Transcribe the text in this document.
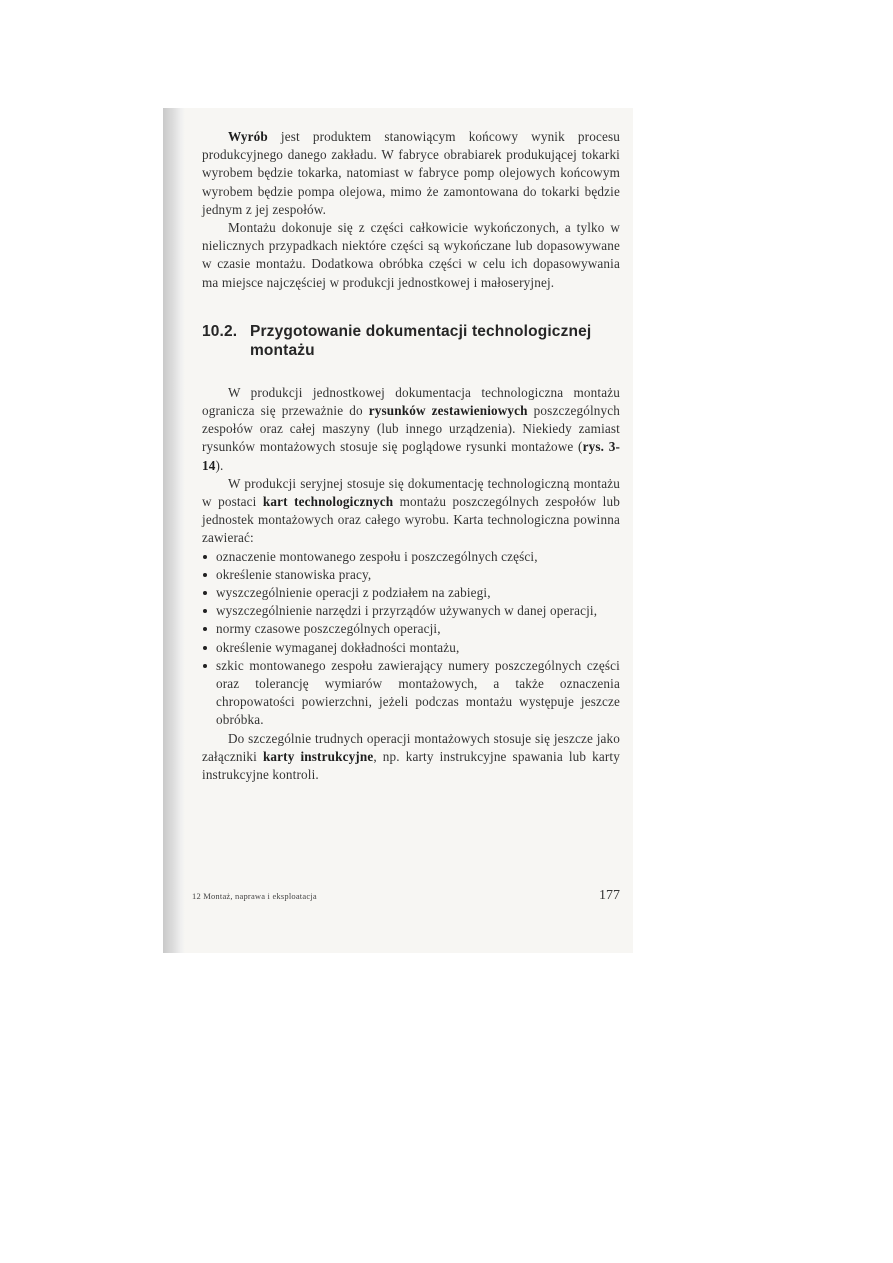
Wyrób jest produktem stanowiącym końcowy wynik procesu produkcyjnego danego zakładu. W fabryce obrabiarek produkującej tokarki wyrobem będzie tokarka, natomiast w fabryce pomp olejowych końcowym wyrobem będzie pompa olejowa, mimo że zamontowana do tokarki będzie jednym z jej zespołów.

Montażu dokonuje się z części całkowicie wykończonych, a tylko w nielicznych przypadkach niektóre części są wykończane lub dopasowywane w czasie montażu. Dodatkowa obróbka części w celu ich dopasowywania ma miejsce najczęściej w produkcji jednostkowej i małoseryjnej.

10.2. Przygotowanie dokumentacji technologicznej montażu

W produkcji jednostkowej dokumentacja technologiczna montażu ogranicza się przeważnie do rysunków zestawieniowych poszczególnych zespołów oraz całej maszyny (lub innego urządzenia). Niekiedy zamiast rysunków montażowych stosuje się poglądowe rysunki montażowe (rys. 3-14).

W produkcji seryjnej stosuje się dokumentację technologiczną montażu w postaci kart technologicznych montażu poszczególnych zespołów lub jednostek montażowych oraz całego wyrobu. Karta technologiczna powinna zawierać:

oznaczenie montowanego zespołu i poszczególnych części,
określenie stanowiska pracy,
wyszczególnienie operacji z podziałem na zabiegi,
wyszczególnienie narzędzi i przyrządów używanych w danej operacji,
normy czasowe poszczególnych operacji,
określenie wymaganej dokładności montażu,
szkic montowanego zespołu zawierający numery poszczególnych części oraz tolerancję wymiarów montażowych, a także oznaczenia chropowatości powierzchni, jeżeli podczas montażu występuje jeszcze obróbka.

Do szczególnie trudnych operacji montażowych stosuje się jeszcze jako załączniki karty instrukcyjne, np. karty instrukcyjne spawania lub karty instrukcyjne kontroli.

12 Montaż, naprawa i eksploatacja	177
